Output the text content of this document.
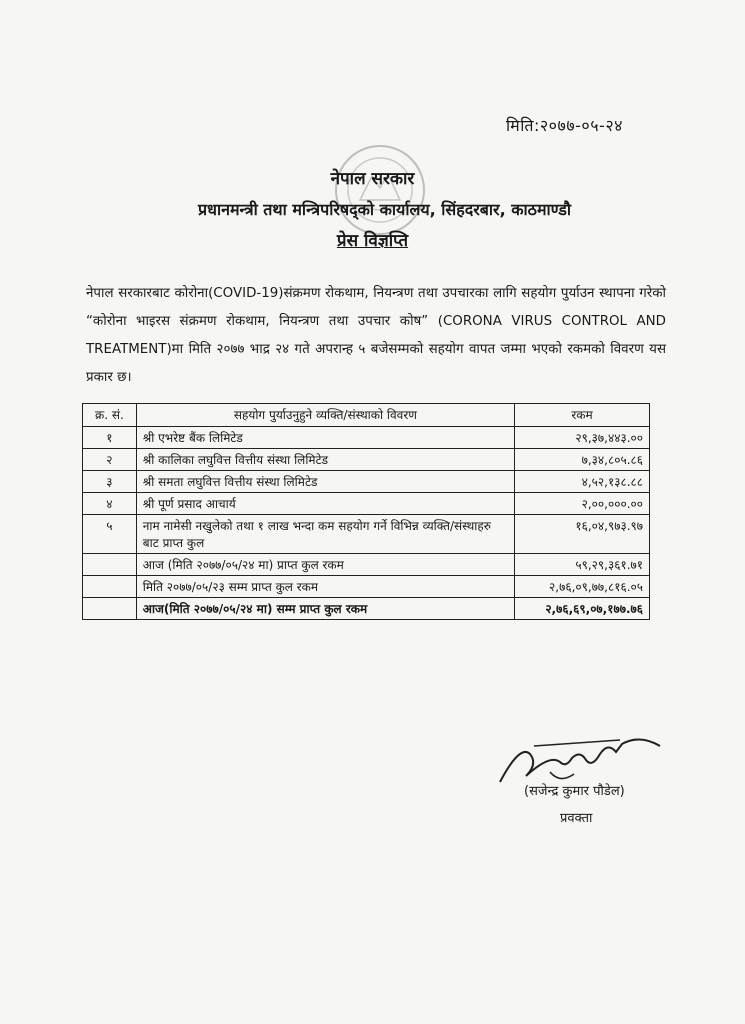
मिति:२०७७-०५-२४
नेपाल सरकार
प्रधानमन्त्री तथा मन्त्रिपरिषद्को कार्यालय, सिंहदरबार, काठमाण्डौ
प्रेस विज्ञप्ति
नेपाल सरकारबाट कोरोना(COVID-19)संक्रमण रोकथाम, नियन्त्रण तथा उपचारका लागि सहयोग पुर्याउन स्थापना गरेको “कोरोना भाइरस संक्रमण रोकथाम, नियन्त्रण तथा उपचार कोष” (CORONA VIRUS CONTROL AND TREATMENT)मा मिति २०७७ भाद्र २४ गते अपरान्ह ५ बजेसम्मको सहयोग वापत जम्मा भएको रकमको विवरण यस प्रकार छ।
क्र. सं.	सहयोग पुर्याउनुहुने व्यक्ति/संस्थाको विवरण	रकम
१	श्री एभरेष्ट बैंक लिमिटेड	२९,३७,४४३.००
२	श्री कालिका लघुवित्त वित्तीय संस्था लिमिटेड	७,३४,८०५.८६
३	श्री समता लघुवित्त वित्तीय संस्था लिमिटेड	४,५२,१३८.८८
४	श्री पूर्ण प्रसाद आचार्य	२,००,०००.००
५	नाम नामेसी नखुलेको तथा १ लाख भन्दा कम सहयोग गर्ने विभिन्न व्यक्ति/संस्थाहरु बाट प्राप्त कुल	१६,०४,९७३.९७
	आज (मिति २०७७/०५/२४ मा) प्राप्त कुल रकम	५९,२९,३६१.७१
	मिति २०७७/०५/२३ सम्म प्राप्त कुल रकम	२,७६,०९,७७,८१६.०५
	आज(मिति २०७७/०५/२४ मा) सम्म प्राप्त कुल रकम	२,७६,६९,०७,१७७.७६
(सजेन्द्र कुमार पौडेल)
प्रवक्ता
